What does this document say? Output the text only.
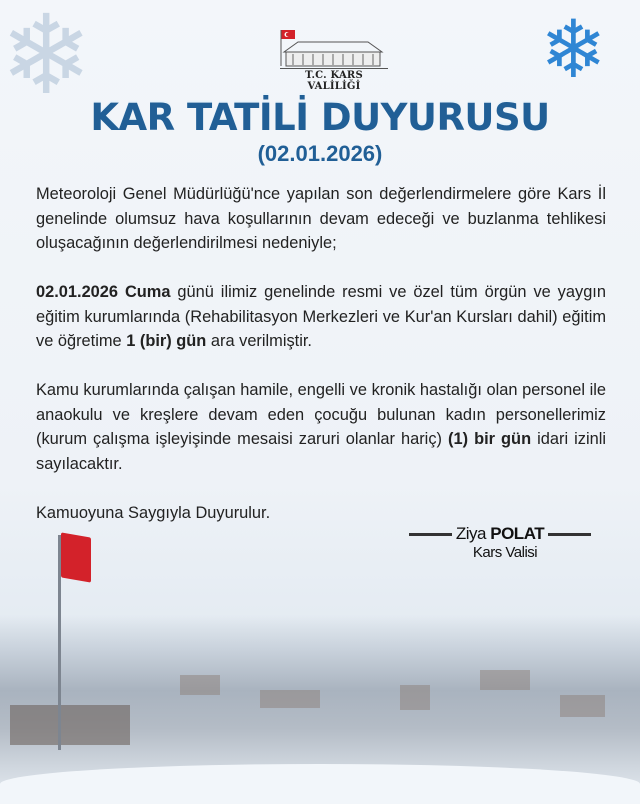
❄	❄
T.C. KARS VALİLİĞİ
KAR TATİLİ DUYURUSU
(02.01.2026)

Meteoroloji Genel Müdürlüğü'nce yapılan son değerlendirmelere göre Kars İl genelinde olumsuz hava koşullarının devam edeceği ve buzlanma tehlikesi oluşacağının değerlendirilmesi nedeniyle;

02.01.2026 Cuma günü ilimiz genelinde resmi ve özel tüm örgün ve yaygın eğitim kurumlarında (Rehabilitasyon Merkezleri ve Kur'an Kursları dahil) eğitim ve öğretime 1 (bir) gün ara verilmiştir.

Kamu kurumlarında çalışan hamile, engelli ve kronik hastalığı olan personel ile anaokulu ve kreşlere devam eden çocuğu bulunan kadın personellerimiz (kurum çalışma işleyişinde mesaisi zaruri olanlar hariç) (1) bir gün idari izinli sayılacaktır.

Kamuoyuna Saygıyla Duyurulur.

Ziya
POLAT
Kars Valisi
